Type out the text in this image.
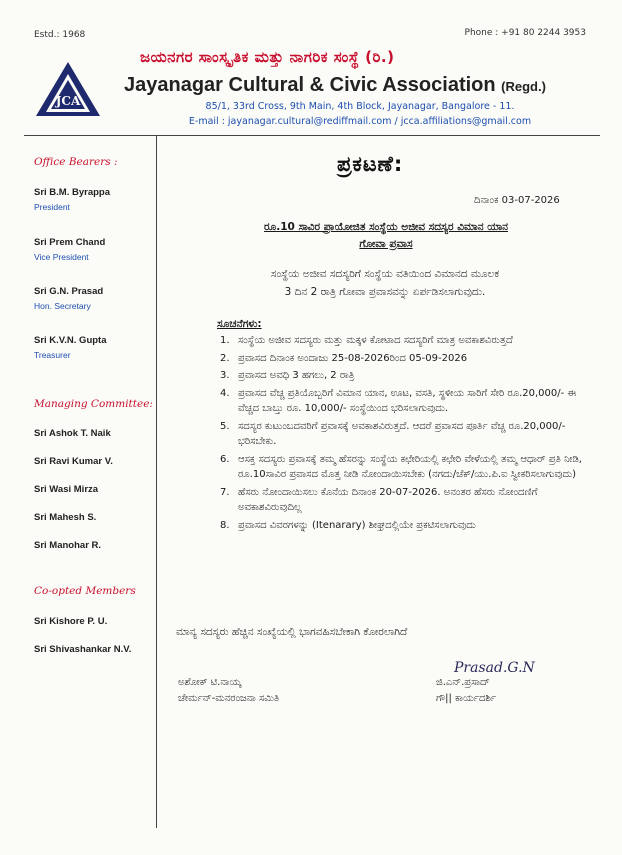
Estd.: 1968	Phone : +91 80 2244 3953
JCA
ಜಯನಗರ ಸಾಂಸ್ಕೃತಿಕ ಮತ್ತು ನಾಗರಿಕ ಸಂಸ್ಥೆ (ರಿ.)
Jayanagar Cultural & Civic Association (Regd.)
85/1, 33rd Cross, 9th Main, 4th Block, Jayanagar, Bangalore - 11.
E-mail : jayanagar.cultural@rediffmail.com / jcca.affiliations@gmail.com
Office Bearers :
Sri B.M. Byrappa
President
Sri Prem Chand
Vice President
Sri G.N. Prasad
Hon. Secretary
Sri K.V.N. Gupta
Treasurer
Managing Committee:
Sri Ashok T. Naik
Sri Ravi Kumar V.
Sri Wasi Mirza
Sri Mahesh S.
Sri Manohar R.
Co-opted Members
Sri Kishore P. U.
Sri Shivashankar N.V.
ಪ್ರಕಟಣೆ:
ದಿನಾಂಕ 03-07-2026
ರೂ.10 ಸಾವಿರ ಪ್ರಾಯೋಜಿತ ಸಂಸ್ಥೆಯ ಅಜೀವ ಸದಸ್ಯರ ವಿಮಾನ ಯಾನ
ಗೋವಾ ಪ್ರವಾಸ
ಸಂಸ್ಥೆಯ ಅಜೀವ ಸದಸ್ಯರಿಗೆ ಸಂಸ್ಥೆಯ ವತಿಯಿಂದ ವಿಮಾನದ ಮೂಲಕ
3 ದಿನ 2 ರಾತ್ರಿ ಗೋವಾ ಪ್ರವಾಸವನ್ನು ಏರ್ಪಡಿಸಲಾಗುವುದು.
ಸೂಚನೆಗಳು:
1. ಸಂಸ್ಥೆಯ ಅಜೀವ ಸದಸ್ಯರು ಮತ್ತು ಮಕ್ಕಳ ಕೋಟಾದ ಸದಸ್ಯರಿಗೆ ಮಾತ್ರ ಅವಕಾಶವಿರುತ್ತದೆ
2. ಪ್ರವಾಸದ ದಿನಾಂಕ ಅಂದಾಜು 25-08-2026ರಿಂದ 05-09-2026
3. ಪ್ರವಾಸದ ಅವಧಿ 3 ಹಗಲು, 2 ರಾತ್ರಿ
4. ಪ್ರವಾಸದ ವೆಚ್ಚ ಪ್ರತಿಯೊಬ್ಬರಿಗೆ ವಿಮಾನ ಯಾನ, ಊಟ, ವಸತಿ, ಸ್ಥಳೀಯ ಸಾರಿಗೆ ಸೇರಿ ರೂ.20,000/- ಈ ವೆಚ್ಚದ ಬಾಬ್ತು ರೂ. 10,000/- ಸಂಸ್ಥೆಯಿಂದ ಭರಿಸಲಾಗುವುದು.
5. ಸದಸ್ಯರ ಕುಟುಂಬದವರಿಗೆ ಪ್ರವಾಸಕ್ಕೆ ಅವಕಾಶವಿರುತ್ತದೆ. ಆದರೆ ಪ್ರವಾಸದ ಪೂರ್ತಿ ವೆಚ್ಚ ರೂ.20,000/- ಭರಿಸಬೇಕು.
6. ಆಸಕ್ತ ಸದಸ್ಯರು ಪ್ರವಾಸಕ್ಕೆ ತಮ್ಮ ಹೆಸರನ್ನು ಸಂಸ್ಥೆಯ ಕಛೇರಿಯಲ್ಲಿ ಕಛೇರಿ ವೇಳೆಯಲ್ಲಿ ತಮ್ಮ ಆಧಾರ್ ಪ್ರತಿ ನೀಡಿ, ರೂ.10ಸಾವಿರ ಪ್ರವಾಸದ ಮೊತ್ತ ನೀಡಿ ನೋಂದಾಯಿಸಬೇಕು (ನಗದು/ಚೆಕ್/ಯು.ಪಿ.ಐ ಸ್ವೀಕರಿಸಲಾಗುವುದು)
7. ಹೆಸರು ನೋಂದಾಯಿಸಲು ಕೊನೆಯ ದಿನಾಂಕ 20-07-2026. ಅನಂತರ ಹೆಸರು ನೋಂದಣಿಗೆ ಅವಕಾಶವಿರುವುದಿಲ್ಲ
8. ಪ್ರವಾಸದ ವಿವರಗಳನ್ನು (Itenarary) ಶೀಘ್ರದಲ್ಲಿಯೇ ಪ್ರಕಟಿಸಲಾಗುವುದು
ಮಾನ್ಯ ಸದಸ್ಯರು ಹೆಚ್ಚಿನ ಸಂಖ್ಯೆಯಲ್ಲಿ ಭಾಗವಹಿಸಬೇಕಾಗಿ ಕೋರಲಾಗಿದೆ
Prasad.G.N
ಅಶೋಕ್ ಟಿ.ನಾಯ್ಕ
ಚೇರ್ಮನ್-ಮನರಂಜನಾ ಸಮಿತಿ
ಜಿ.ಎನ್.ಪ್ರಸಾದ್
ಗೌ|| ಕಾರ್ಯದರ್ಶಿ
